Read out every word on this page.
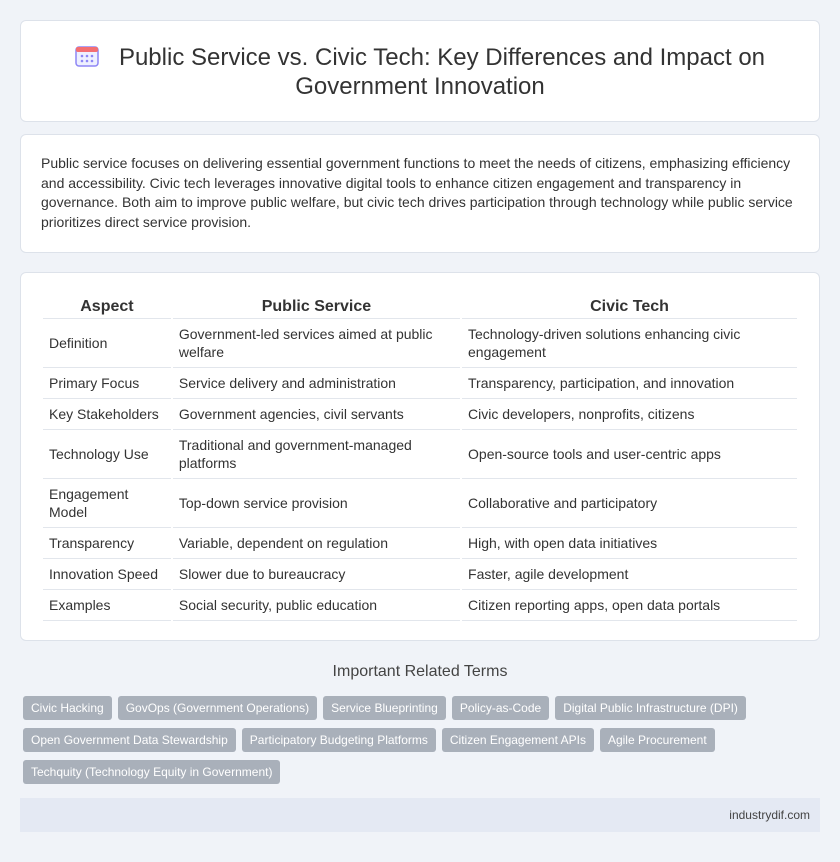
Public Service vs. Civic Tech: Key Differences and Impact on Government Innovation

Public service focuses on delivering essential government functions to meet the needs of citizens, emphasizing efficiency and accessibility. Civic tech leverages innovative digital tools to enhance citizen engagement and transparency in governance. Both aim to improve public welfare, but civic tech drives participation through technology while public service prioritizes direct service provision.

Aspect	Public Service	Civic Tech
Definition	Government-led services aimed at public welfare	Technology-driven solutions enhancing civic engagement
Primary Focus	Service delivery and administration	Transparency, participation, and innovation
Key Stakeholders	Government agencies, civil servants	Civic developers, nonprofits, citizens
Technology Use	Traditional and government-managed platforms	Open-source tools and user-centric apps
Engagement Model	Top-down service provision	Collaborative and participatory
Transparency	Variable, dependent on regulation	High, with open data initiatives
Innovation Speed	Slower due to bureaucracy	Faster, agile development
Examples	Social security, public education	Citizen reporting apps, open data portals
Important Related Terms
Civic Hacking	GovOps (Government Operations)	Service Blueprinting	Policy-as-Code	Digital Public Infrastructure (DPI)
Open Government Data Stewardship	Participatory Budgeting Platforms	Citizen Engagement APIs	Agile Procurement
Techquity (Technology Equity in Government)
industrydif.com
